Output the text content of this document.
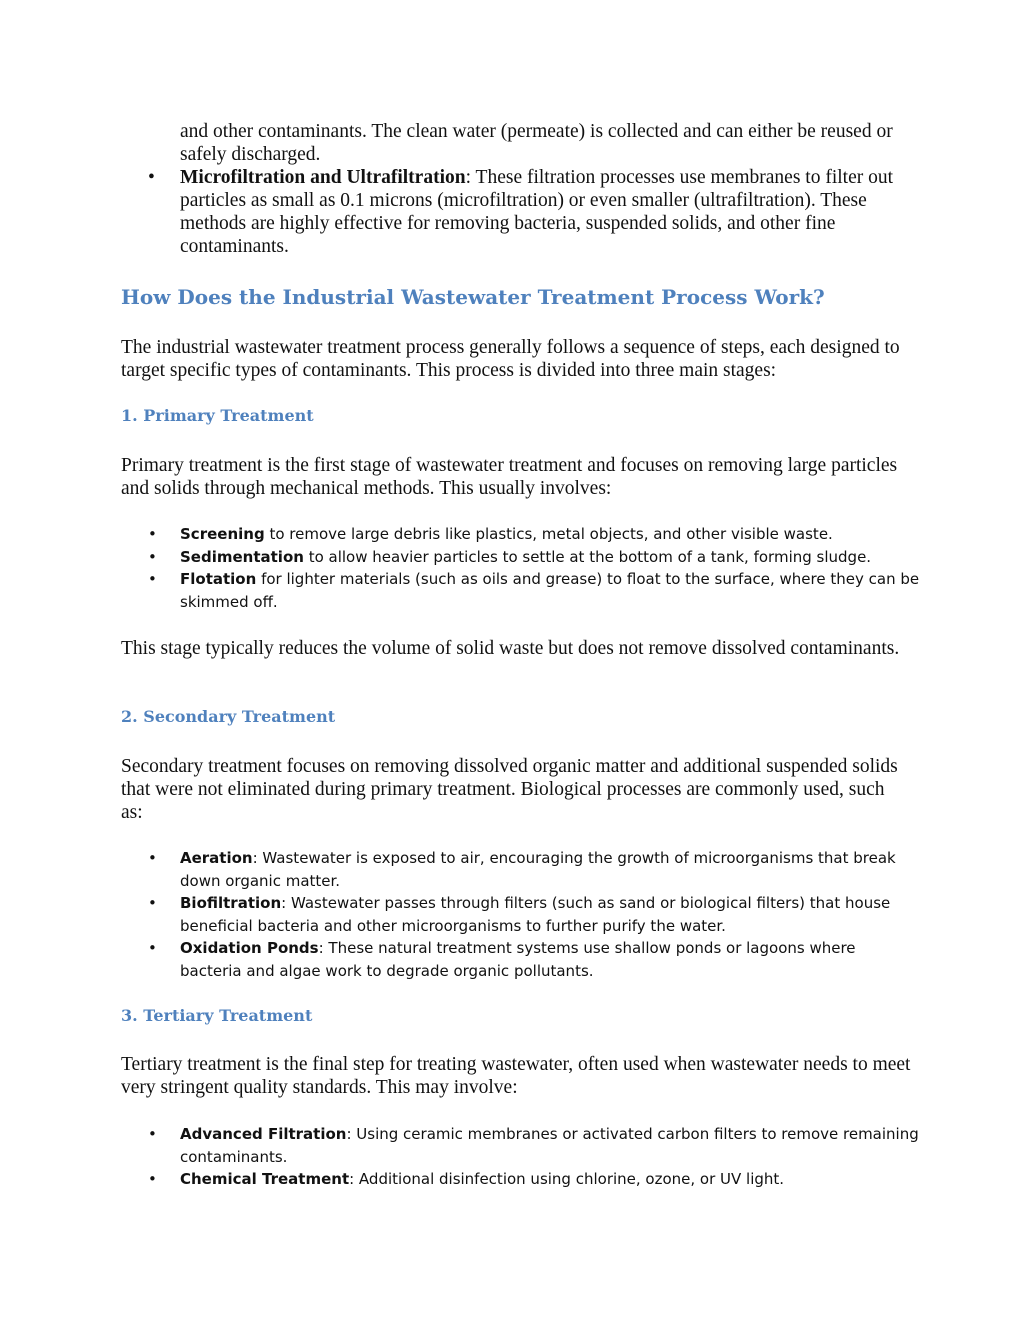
and other contaminants. The clean water (permeate) is collected and can either be reused or safely discharged.

• Microfiltration and Ultrafiltration: These filtration processes use membranes to filter out particles as small as 0.1 microns (microfiltration) or even smaller (ultrafiltration). These methods are highly effective for removing bacteria, suspended solids, and other fine contaminants.
How Does the Industrial Wastewater Treatment Process Work?

The industrial wastewater treatment process generally follows a sequence of steps, each designed to target specific types of contaminants. This process is divided into three main stages:

1. Primary Treatment

Primary treatment is the first stage of wastewater treatment and focuses on removing large particles and solids through mechanical methods. This usually involves:

• Screening to remove large debris like plastics, metal objects, and other visible waste.
• Sedimentation to allow heavier particles to settle at the bottom of a tank, forming sludge.
• Flotation for lighter materials (such as oils and grease) to float to the surface, where they can be skimmed off.

This stage typically reduces the volume of solid waste but does not remove dissolved contaminants.

2. Secondary Treatment

Secondary treatment focuses on removing dissolved organic matter and additional suspended solids that were not eliminated during primary treatment. Biological processes are commonly used, such as:

• Aeration: Wastewater is exposed to air, encouraging the growth of microorganisms that break down organic matter.
• Biofiltration: Wastewater passes through filters (such as sand or biological filters) that house beneficial bacteria and other microorganisms to further purify the water.
• Oxidation Ponds: These natural treatment systems use shallow ponds or lagoons where bacteria and algae work to degrade organic pollutants.
3. Tertiary Treatment

Tertiary treatment is the final step for treating wastewater, often used when wastewater needs to meet very stringent quality standards. This may involve:

• Advanced Filtration: Using ceramic membranes or activated carbon filters to remove remaining contaminants.
• Chemical Treatment: Additional disinfection using chlorine, ozone, or UV light.
